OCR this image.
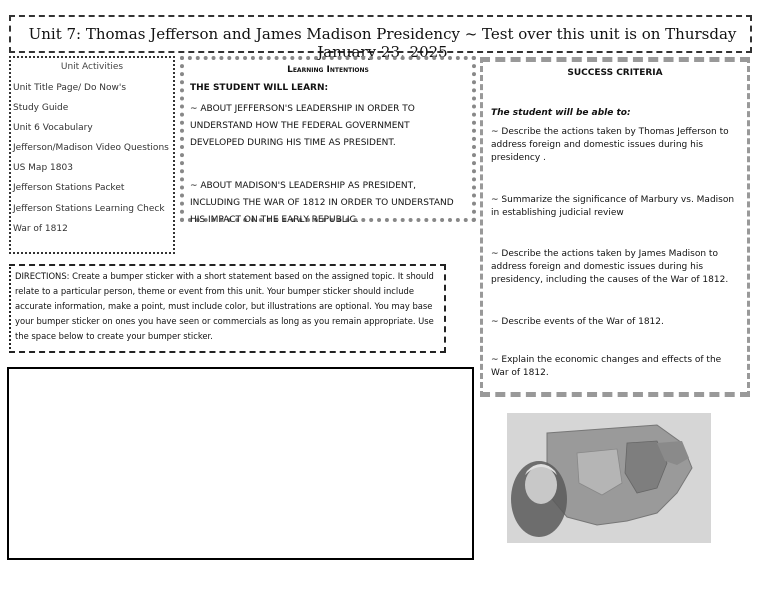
Unit 7: Thomas Jefferson and James Madison Presidency ~ Test over this unit is on Thursday January 23, 2025
Unit Activities
Unit Title Page/ Do Now's
Study Guide
Unit 6 Vocabulary
Jefferson/Madison Video Questions
US Map 1803
Jefferson Stations Packet
Jefferson Stations Learning Check
War of 1812
Learning Intentions
THE STUDENT WILL LEARN:
~ ABOUT JEFFERSON'S LEADERSHIP IN ORDER TO UNDERSTAND HOW THE FEDERAL GOVERNMENT DEVELOPED DURING HIS TIME AS PRESIDENT.
~ ABOUT MADISON'S LEADERSHIP AS PRESIDENT, INCLUDING THE WAR OF 1812 IN ORDER TO UNDERSTAND HIS IMPACT ON THE EARLY REPUBLIC.
SUCCESS CRITERIA
The student will be able to:
~ Describe the actions taken by Thomas Jefferson to address foreign and domestic issues during his presidency .
~ Summarize the significance of Marbury vs. Madison in establishing judicial review
~ Describe the actions taken by James Madison to address foreign and domestic issues during his presidency, including the causes of the War of 1812.
~ Describe events of the War of 1812.
~ Explain the economic changes and effects of the War of 1812.

DIRECTIONS: Create a bumper sticker with a short statement based on the assigned topic. It should relate to a particular person, theme or event from this unit. Your bumper sticker should include accurate information, make a point, must include color, but illustrations are optional. You may base your bumper sticker on ones you have seen or commercials as long as you remain appropriate. Use the space below to create your bumper sticker.
